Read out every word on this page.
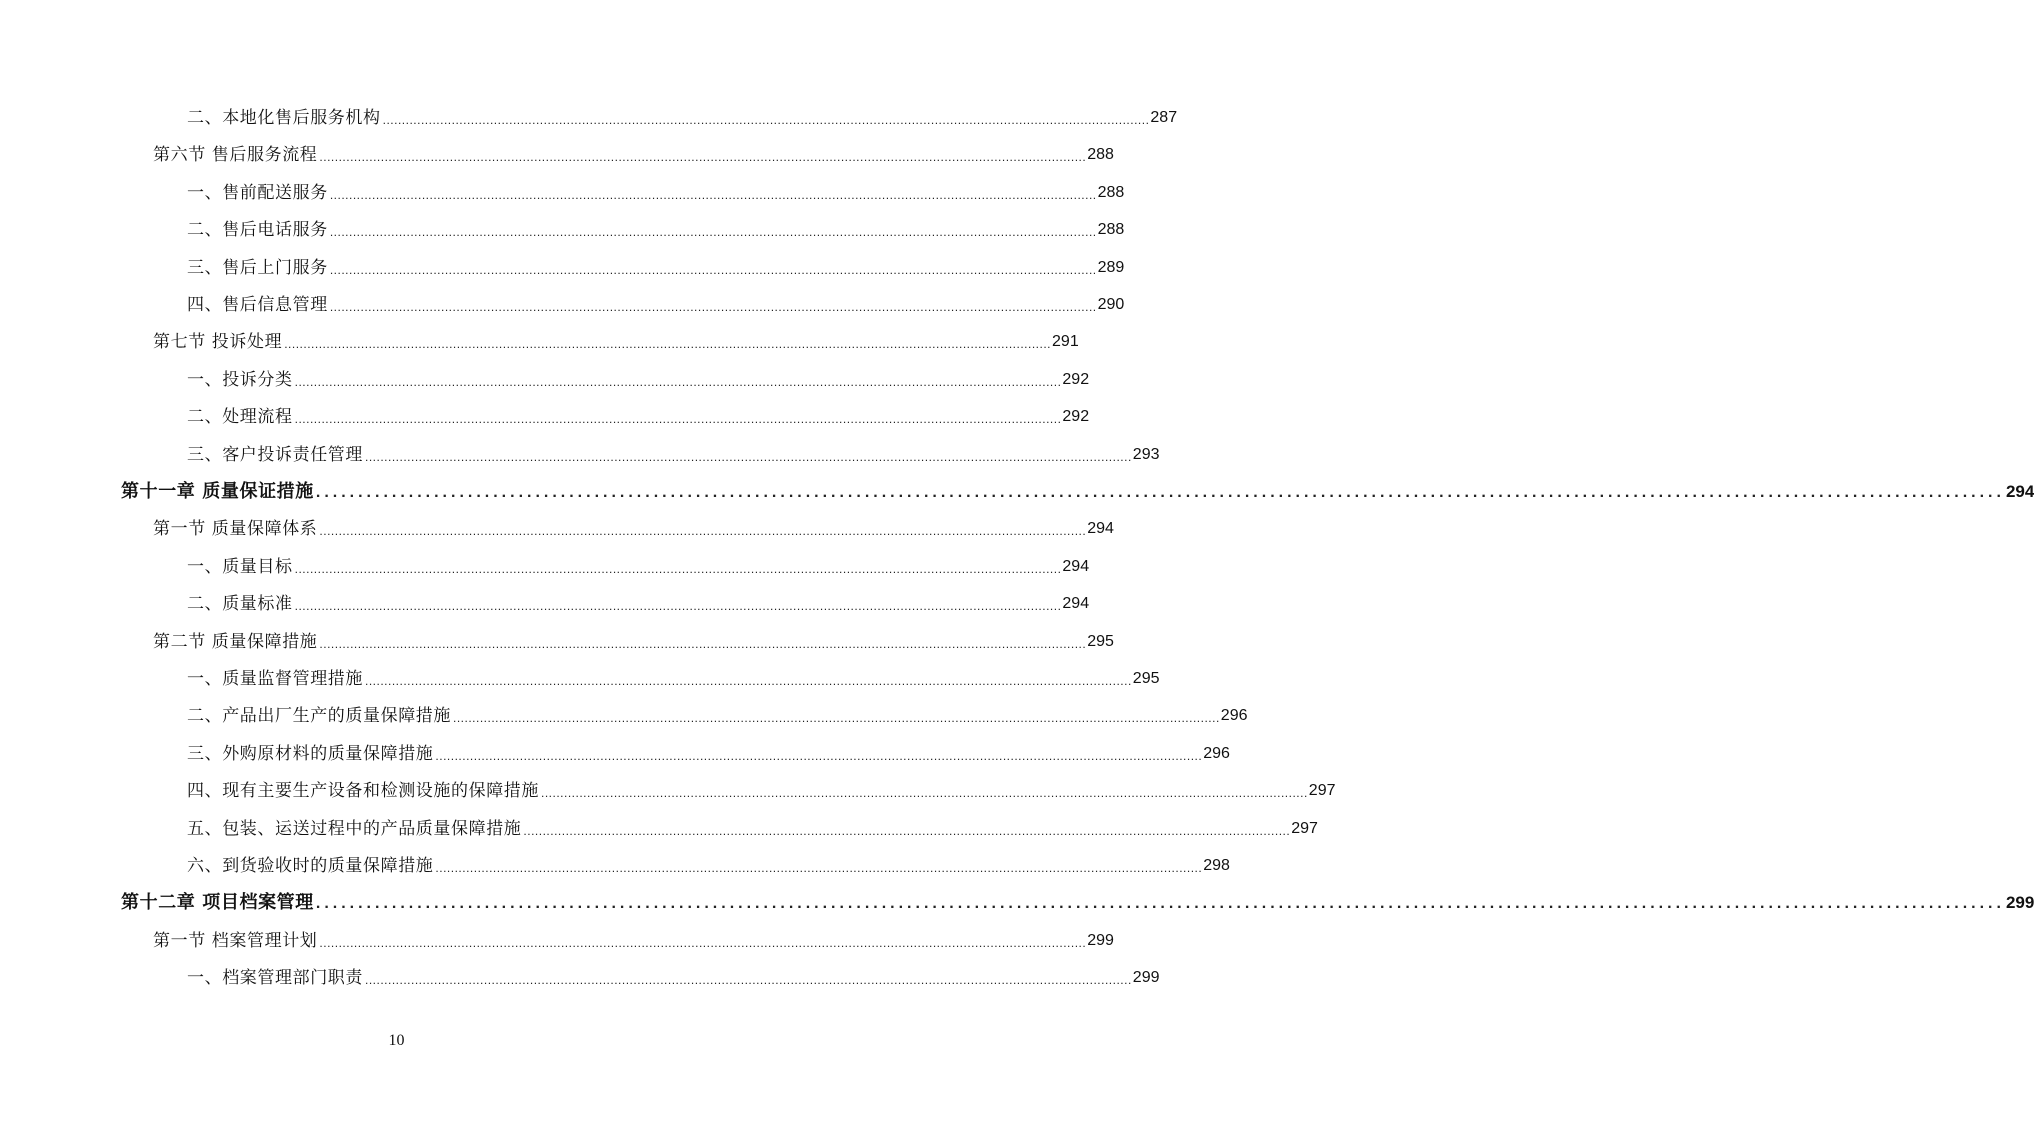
二、本地化售后服务机构 ........................................................................................................................................................................................................ 287
第六节 售后服务流程 ........................................................................................................................................................................................................ 288
一、售前配送服务 ........................................................................................................................................................................................................ 288
二、售后电话服务 ........................................................................................................................................................................................................ 288
三、售后上门服务 ........................................................................................................................................................................................................ 289
四、售后信息管理 ........................................................................................................................................................................................................ 290
第七节 投诉处理 ........................................................................................................................................................................................................ 291
一、投诉分类 ........................................................................................................................................................................................................ 292
二、处理流程 ........................................................................................................................................................................................................ 292
三、客户投诉责任管理 ........................................................................................................................................................................................................ 293
第十一章 质量保证措施 ........................................................................................................................................................................................................ 294
第一节 质量保障体系 ........................................................................................................................................................................................................ 294
一、质量目标 ........................................................................................................................................................................................................ 294
二、质量标准 ........................................................................................................................................................................................................ 294
第二节 质量保障措施 ........................................................................................................................................................................................................ 295
一、质量监督管理措施 ........................................................................................................................................................................................................ 295
二、产品出厂生产的质量保障措施 ........................................................................................................................................................................................................ 296
三、外购原材料的质量保障措施 ........................................................................................................................................................................................................ 296
四、现有主要生产设备和检测设施的保障措施 ........................................................................................................................................................................................................ 297
五、包装、运送过程中的产品质量保障措施 ........................................................................................................................................................................................................ 297
六、到货验收时的质量保障措施 ........................................................................................................................................................................................................ 298
第十二章 项目档案管理 ........................................................................................................................................................................................................ 299
第一节 档案管理计划 ........................................................................................................................................................................................................ 299
一、档案管理部门职责 ........................................................................................................................................................................................................ 299
10
